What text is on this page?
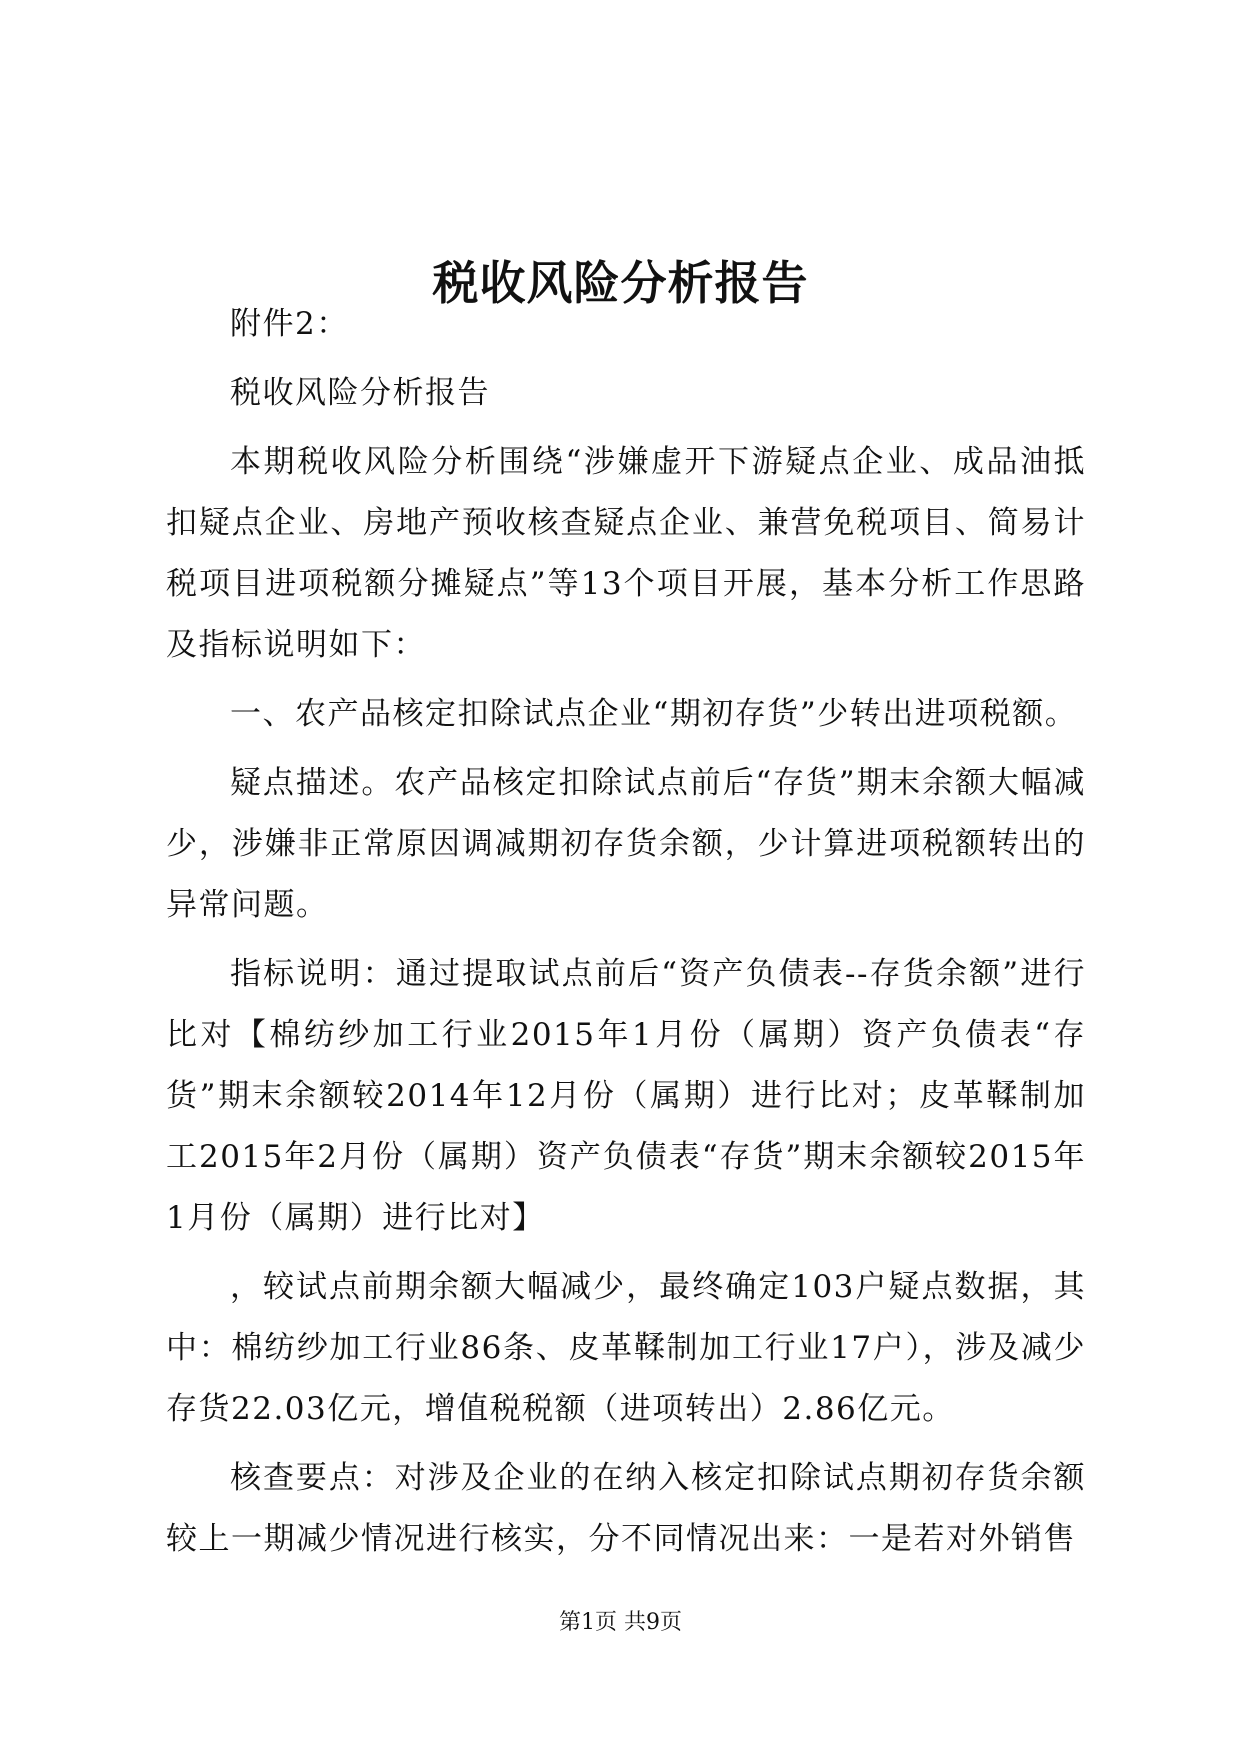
税收风险分析报告

附件2：

税收风险分析报告

本期税收风险分析围绕“涉嫌虚开下游疑点企业、成品油抵扣疑点企业、房地产预收核查疑点企业、兼营免税项目、简易计税项目进项税额分摊疑点”等13个项目开展，基本分析工作思路及指标说明如下：

一、农产品核定扣除试点企业“期初存货”少转出进项税额。

疑点描述。农产品核定扣除试点前后“存货”期末余额大幅减少，涉嫌非正常原因调减期初存货余额，少计算进项税额转出的异常问题。

指标说明：通过提取试点前后“资产负债表--存货余额”进行比对【棉纺纱加工行业2015年1月份（属期）资产负债表“存货”期末余额较2014年12月份（属期）进行比对；皮革鞣制加工2015年2月份（属期）资产负债表“存货”期末余额较2015年1月份（属期）进行比对】

，较试点前期余额大幅减少，最终确定103户疑点数据，其中：棉纺纱加工行业86条、皮革鞣制加工行业17户），涉及减少存货22.03亿元，增值税税额（进项转出）2.86亿元。

核查要点：对涉及企业的在纳入核定扣除试点期初存货余额较上一期减少情况进行核实，分不同情况出来：一是若对外销售

第1页 共9页
